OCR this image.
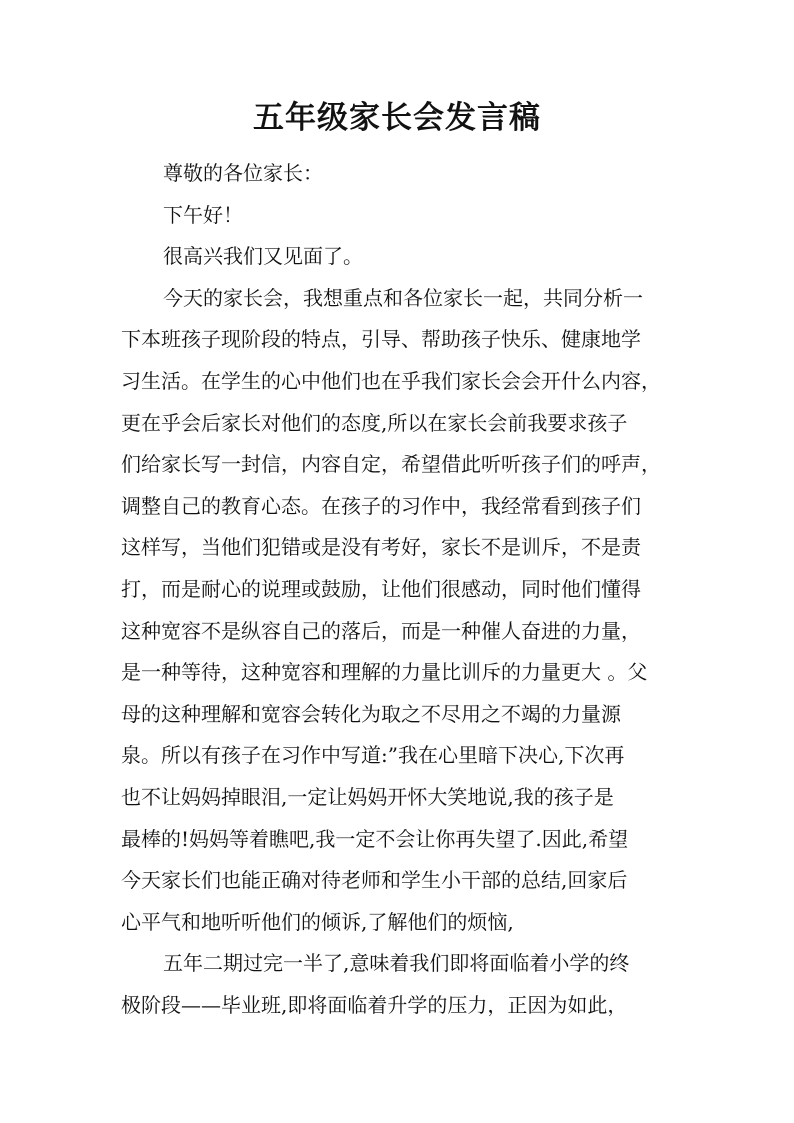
五年级家长会发言稿
尊敬的各位家长：
下午好！
很高兴我们又见面了。
今天的家长会，我想重点和各位家长一起，共同分析一
下本班孩子现阶段的特点，引导、帮助孩子快乐、健康地学
习生活。在学生的心中他们也在乎我们家长会会开什么内容，
更在乎会后家长对他们的态度,所以在家长会前我要求孩子
们给家长写一封信，内容自定，希望借此听听孩子们的呼声，
调整自己的教育心态。在孩子的习作中，我经常看到孩子们
这样写，当他们犯错或是没有考好，家长不是训斥，不是责
打，而是耐心的说理或鼓励，让他们很感动，同时他们懂得
这种宽容不是纵容自己的落后，而是一种催人奋进的力量，
是一种等待，这种宽容和理解的力量比训斥的力量更大 。父
母的这种理解和宽容会转化为取之不尽用之不竭的力量源
泉。所以有孩子在习作中写道:”我在心里暗下决心,下次再
也不让妈妈掉眼泪,一定让妈妈开怀大笑地说,我的孩子是
最棒的!妈妈等着瞧吧,我一定不会让你再失望了.因此,希望
今天家长们也能正确对待老师和学生小干部的总结,回家后
心平气和地听听他们的倾诉,了解他们的烦恼,
五年二期过完一半了,意味着我们即将面临着小学的终
极阶段——毕业班,即将面临着升学的压力，正因为如此，
